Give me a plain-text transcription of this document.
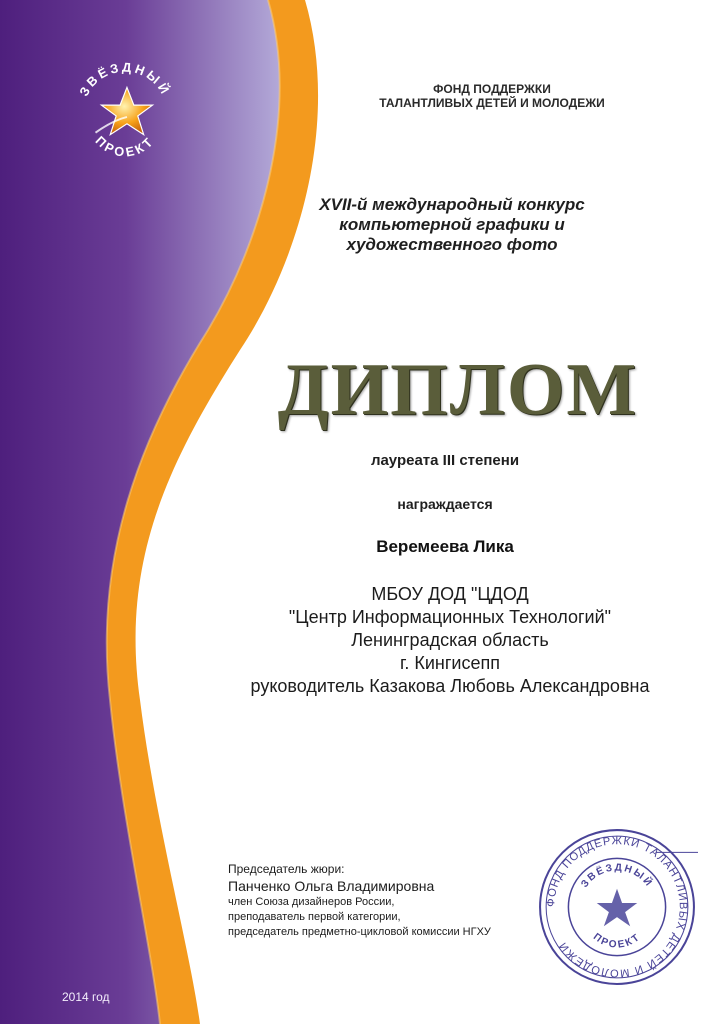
ЗВЁЗДНЫЙ
ПРОЕКТ
ФОНД ПОДДЕРЖКИ
ТАЛАНТЛИВЫХ ДЕТЕЙ И МОЛОДЕЖИ
XVII-й международный конкурс
компьютерной графики и
художественного фото
ДИПЛОМ
лауреата III степени
награждается
Веремеева Лика
МБОУ ДОД "ЦДОД
"Центр Информационных Технологий"
Ленинградская область
г. Кингисепп
руководитель Казакова Любовь Александровна
Председатель жюри:
Панченко Ольга Владимировна
член Союза дизайнеров России,
преподаватель первой категории,
председатель предметно-цикловой комиссии НГХУ
ФОНД ПОДДЕРЖКИ ТАЛАНТЛИВЫХ ДЕТЕЙ И МОЛОДЕЖИ
ЗВЁЗДНЫЙ
ПРОЕКТ
2014 год
